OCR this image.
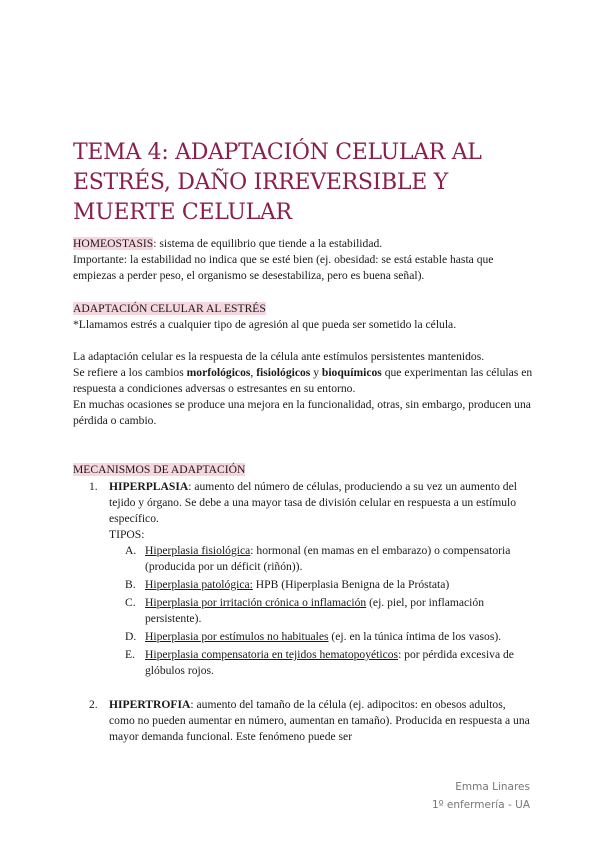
TEMA 4: ADAPTACIÓN CELULAR AL ESTRÉS, DAÑO IRREVERSIBLE Y MUERTE CELULAR

HOMEOSTASIS: sistema de equilibrio que tiende a la estabilidad.

Importante: la estabilidad no indica que se esté bien (ej. obesidad: se está estable hasta que empiezas a perder peso, el organismo se desestabiliza, pero es buena señal).

ADAPTACIÓN CELULAR AL ESTRÉS

*Llamamos estrés a cualquier tipo de agresión al que pueda ser sometido la célula.

La adaptación celular es la respuesta de la célula ante estímulos persistentes mantenidos.

Se refiere a los cambios morfológicos, fisiológicos y bioquímicos que experimentan las células en respuesta a condiciones adversas o estresantes en su entorno.

En muchas ocasiones se produce una mejora en la funcionalidad, otras, sin embargo, producen una pérdida o cambio.

MECANISMOS DE ADAPTACIÓN

1. HIPERPLASIA: aumento del número de células, produciendo a su vez un aumento del tejido y órgano. Se debe a una mayor tasa de división celular en respuesta a un estímulo específico.
TIPOS:
A. Hiperplasia fisiológica: hormonal (en mamas en el embarazo) o compensatoria (producida por un déficit (riñón)).
B. Hiperplasia patológica: HPB (Hiperplasia Benigna de la Próstata)
C. Hiperplasia por irritación crónica o inflamación (ej. piel, por inflamación persistente).
D. Hiperplasia por estímulos no habituales (ej. en la túnica íntima de los vasos).
E. Hiperplasia compensatoria en tejidos hematopoyéticos: por pérdida excesiva de glóbulos rojos.
2. HIPERTROFIA: aumento del tamaño de la célula (ej. adipocitos: en obesos adultos, como no pueden aumentar en número, aumentan en tamaño). Producida en respuesta a una mayor demanda funcional. Este fenómeno puede ser
Emma Linares
1º enfermería - UA
